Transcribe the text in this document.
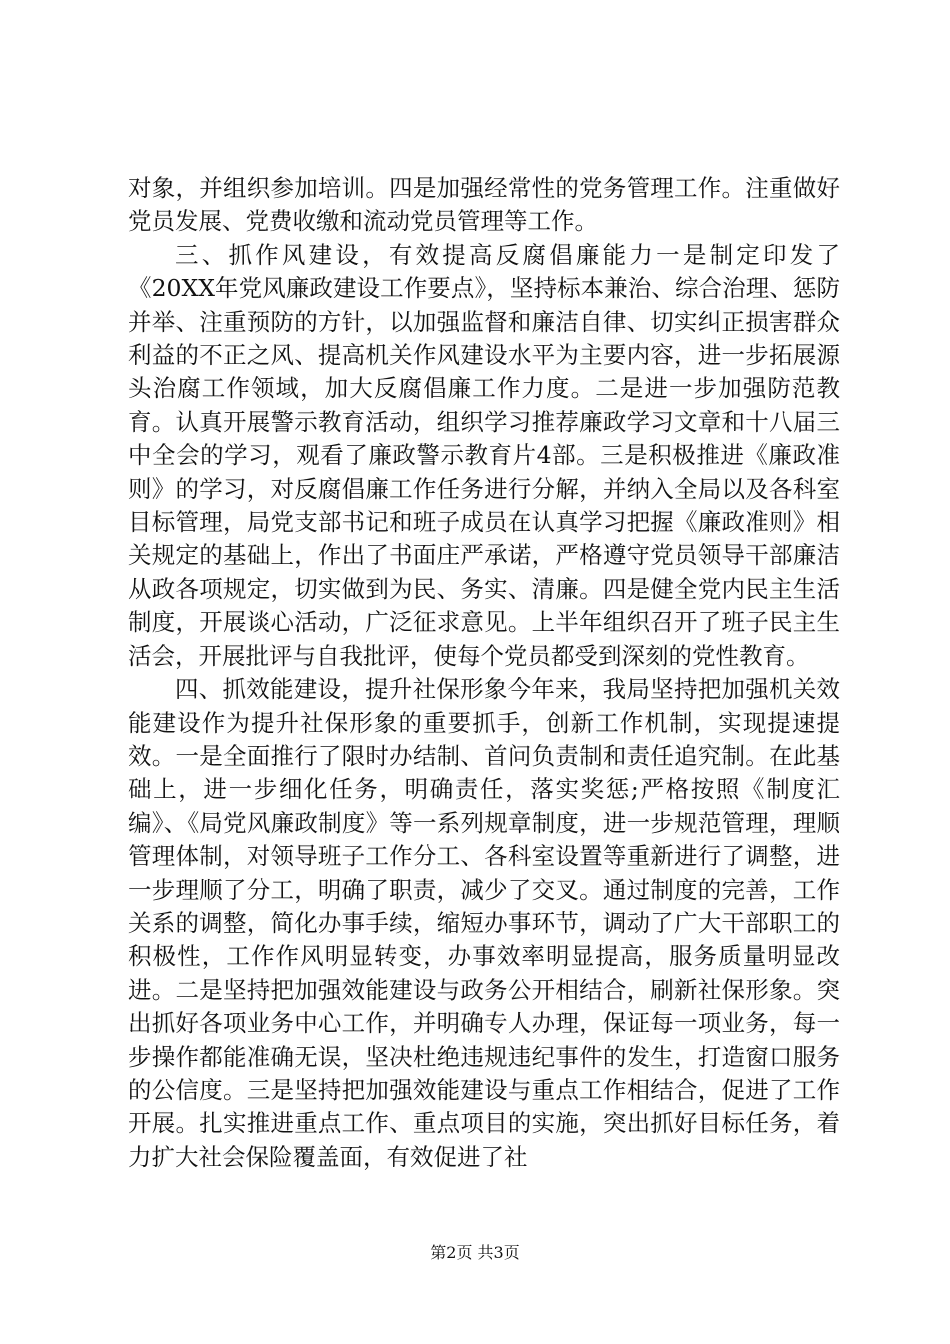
对象，并组织参加培训。四是加强经常性的党务管理工作。注重做好党员发展、党费收缴和流动党员管理等工作。

三、抓作风建设，有效提高反腐倡廉能力一是制定印发了《20XX年党风廉政建设工作要点》，坚持标本兼治、综合治理、惩防并举、注重预防的方针，以加强监督和廉洁自律、切实纠正损害群众利益的不正之风、提高机关作风建设水平为主要内容，进一步拓展源头治腐工作领域，加大反腐倡廉工作力度。二是进一步加强防范教育。认真开展警示教育活动，组织学习推荐廉政学习文章和十八届三中全会的学习，观看了廉政警示教育片4部。三是积极推进《廉政准则》的学习，对反腐倡廉工作任务进行分解，并纳入全局以及各科室目标管理，局党支部书记和班子成员在认真学习把握《廉政准则》相关规定的基础上，作出了书面庄严承诺，严格遵守党员领导干部廉洁从政各项规定，切实做到为民、务实、清廉。四是健全党内民主生活制度，开展谈心活动，广泛征求意见。上半年组织召开了班子民主生活会，开展批评与自我批评，使每个党员都受到深刻的党性教育。

四、抓效能建设，提升社保形象今年来，我局坚持把加强机关效能建设作为提升社保形象的重要抓手，创新工作机制，实现提速提效。一是全面推行了限时办结制、首问负责制和责任追究制。在此基础上，进一步细化任务，明确责任，落实奖惩;严格按照《制度汇编》、《局党风廉政制度》等一系列规章制度，进一步规范管理，理顺管理体制，对领导班子工作分工、各科室设置等重新进行了调整，进一步理顺了分工，明确了职责，减少了交叉。通过制度的完善，工作关系的调整，简化办事手续，缩短办事环节，调动了广大干部职工的积极性，工作作风明显转变，办事效率明显提高，服务质量明显改进。二是坚持把加强效能建设与政务公开相结合，刷新社保形象。突出抓好各项业务中心工作，并明确专人办理，保证每一项业务，每一步操作都能准确无误，坚决杜绝违规违纪事件的发生，打造窗口服务的公信度。三是坚持把加强效能建设与重点工作相结合，促进了工作开展。扎实推进重点工作、重点项目的实施，突出抓好目标任务，着力扩大社会保险覆盖面，有效促进了社

第2页 共3页
